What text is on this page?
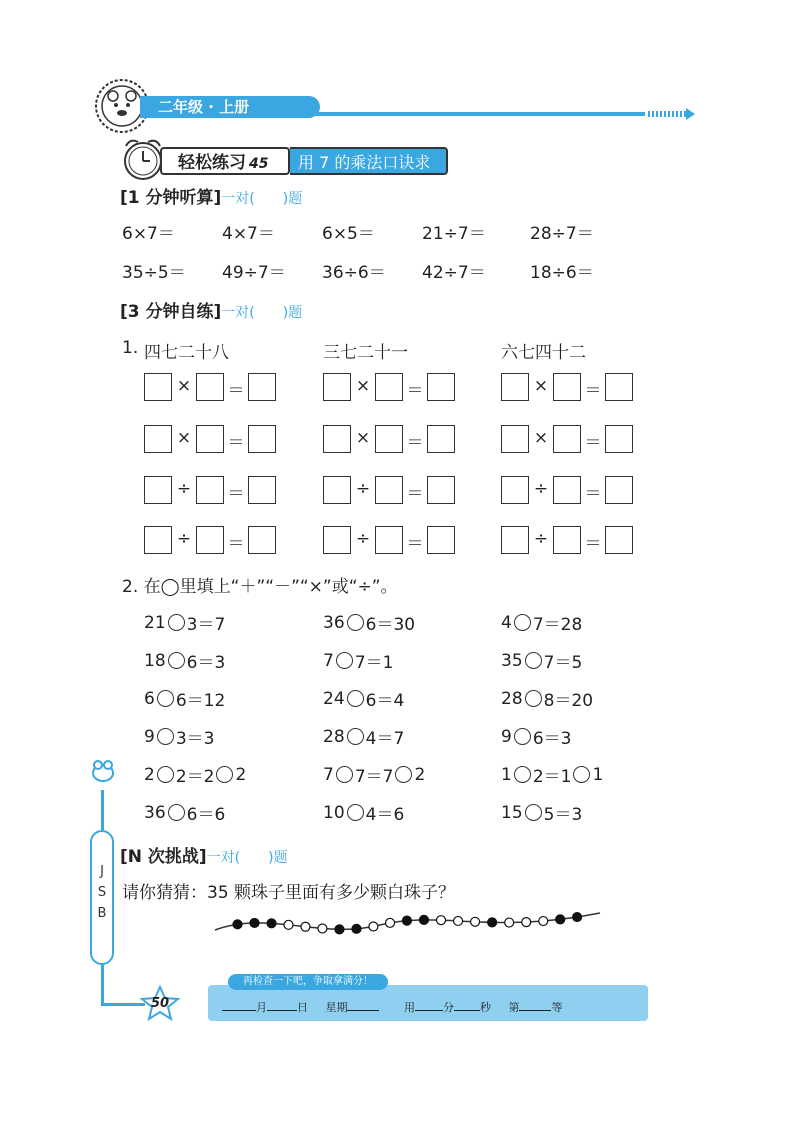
二年级 · 上册
轻松练习 45	用 7 的乘法口诀求商
[1 分钟听算]一对(　　)题
6×7＝	4×7＝	6×5＝	21÷7＝	28÷7＝
35÷5＝ 49÷7＝ 36÷6＝ 42÷7＝	18÷6＝
[3 分钟自练]一对(　　)题
1. 四七二十八	三七二十一	六七四十二
× ＝	× ＝	× ＝
× ＝	× ＝	× ＝
÷ ＝	÷ ＝	÷ ＝
÷ ＝	÷ ＝	÷ ＝
2. 在◯里填上“＋”“－”“×”或“÷”。
21 3＝7	36 6＝30	4 7＝28
18 6＝3	7 7＝1	35 7＝5
6 6＝12	24 6＝4	28 8＝20
9 3＝3	28 4＝7	9 6＝3
2 2＝2 2	7 7＝7 2	1 2＝1 1
36 6＝6	10 4＝6	15 5＝3
J
S
B
[N 次挑战]一对(　　)题
请你猜猜：35 颗珠子里面有多少颗白珠子？
50
再检查一下吧，争取拿满分！
月	日 星期	用	分 秒 第	等
